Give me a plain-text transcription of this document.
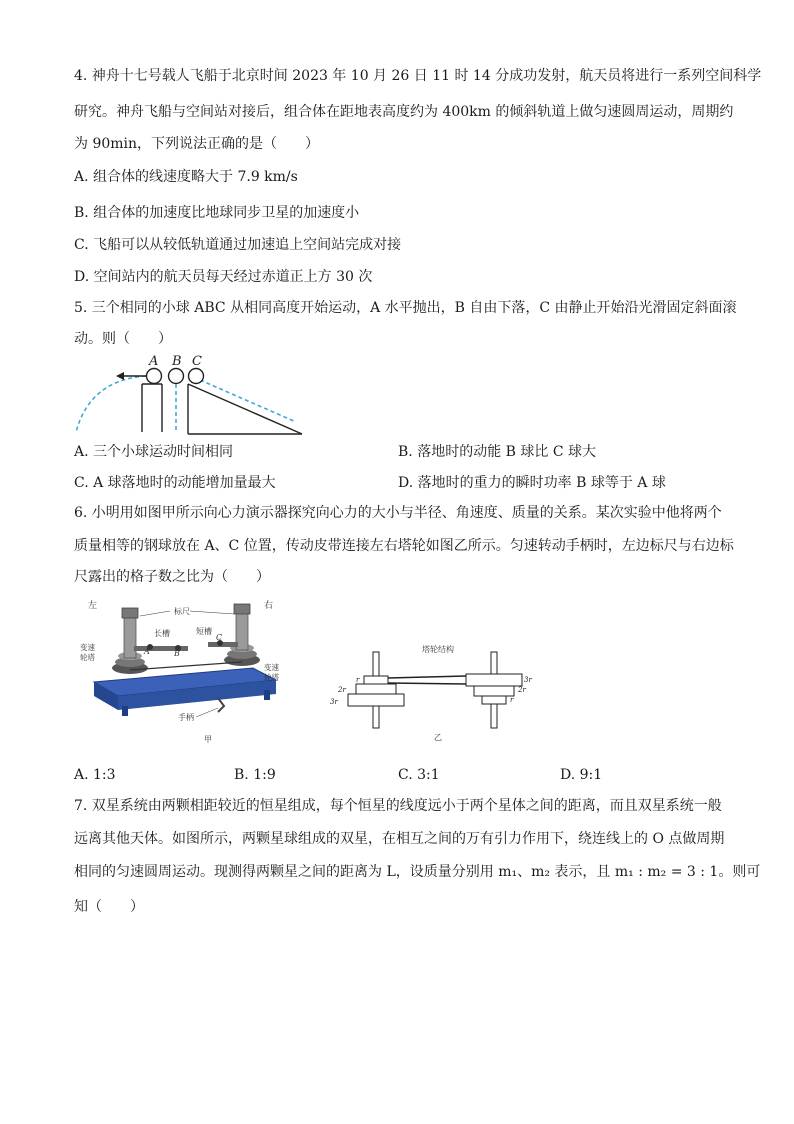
4. 神舟十七号载人飞船于北京时间 2023 年 10 月 26 日 11 时 14 分成功发射，航天员将进行一系列空间科学
研究。神舟飞船与空间站对接后，组合体在距地表高度约为 400km 的倾斜轨道上做匀速圆周运动，周期约
为 90min，下列说法正确的是（　　）
A. 组合体的线速度略大于 7.9 km/s
B. 组合体的加速度比地球同步卫星的加速度小
C. 飞船可以从较低轨道通过加速追上空间站完成对接
D. 空间站内的航天员每天经过赤道正上方 30 次
5. 三个相同的小球 ABC 从相同高度开始运动，A 水平抛出，B 自由下落，C 由静止开始沿光滑固定斜面滚
动。则（　　）
A B C
A. 三个小球运动时间相同	B. 落地时的动能 B 球比 C 球大
C. A 球落地时的动能增加量最大	D. 落地时的重力的瞬时功率 B 球等于 A 球
6. 小明用如图甲所示向心力演示器探究向心力的大小与半径、角速度、质量的关系。某次实验中他将两个
质量相等的钢球放在 A、C 位置，传动皮带连接左右塔轮如图乙所示。匀速转动手柄时，左边标尺与右边标
尺露出的格子数之比为（　　）
左	右
标尺
长槽	短槽
A	B
C
变速
轮塔
变速
轮塔
手柄
甲
塔轮结构
r
2r
3r
3r
2r
r
乙
A. 1:3	B. 1:9	C. 3:1	D. 9:1
7. 双星系统由两颗相距较近的恒星组成，每个恒星的线度远小于两个星体之间的距离，而且双星系统一般
远离其他天体。如图所示，两颗星球组成的双星，在相互之间的万有引力作用下，绕连线上的 O 点做周期
相同的匀速圆周运动。现测得两颗星之间的距离为 L，设质量分别用 m₁、m₂ 表示，且 m₁ : m₂ = 3 : 1。则可
知（　　）
